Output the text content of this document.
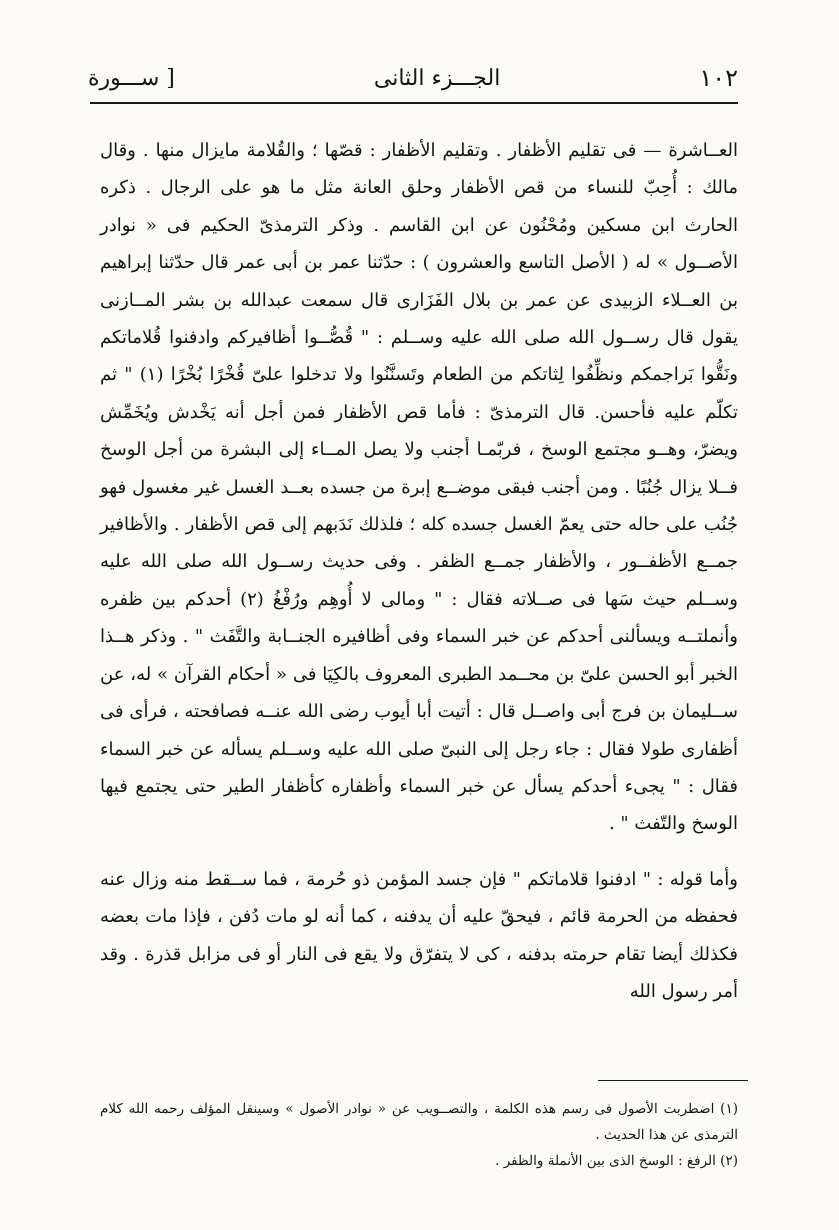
١٠٢
الجـــزء الثانى
[ ســـورة

العــاشرة — فى تقليم الأظفار . وتقليم الأظفار : قصّها ؛ والقُلامة مايزال منها . وقال مالك : أُحِبّ للنساء من قص الأظفار وحلق العانة مثل ما هو على الرجال . ذكره الحارث ابن مسكين ومُحْنُون عن ابن القاسم . وذكر الترمذىّ الحكيم فى « نوادر الأصــول » له ( الأصل التاسع والعشرون ) : حدّثنا عمر بن أبى عمر قال حدّثنا إبراهيم بن العــلاء الزبيدى عن عمر بن بلال الفَزَارى قال سمعت عبدالله بن بشر المــازنى يقول قال رســول الله صلى الله عليه وســلم : " قُصُّــوا أظافيركم وادفنوا قُلاماتكم ونَقُّوا بَراجمكم ونظِّفُوا لِثاتكم من الطعام وتَسنَّنُوا ولا تدخلوا علىّ قُخْرًا بُخْرًا (١) " ثم تكلّم عليه فأحسن. قال الترمذىّ : فأما قص الأظفار فمن أجل أنه يَخْدش ويُخَمِّش ويضرّ، وهــو مجتمع الوسخ ، فربّمـا أجنب ولا يصل المــاء إلى البشرة من أجل الوسخ فــلا يزال جُنُبًا . ومن أجنب فبقى موضــع إبرة من جسده بعــد الغسل غير مغسول فهو جُنُب على حاله حتى يعمّ الغسل جسده كله ؛ فلذلك نَدَبهم إلى قص الأظفار . والأظافير جمــع الأظفــور ، والأظفار جمــع الظفر . وفى حديث رســول الله صلى الله عليه وســلم حيث سَها فى صــلاته فقال : " ومالى لا أُوهِم ورُفْغُ (٢) أحدكم بين ظفره وأنملتــه ويسألنى أحدكم عن خبر السماء وفى أظافيره الجنــابة والتَّفَث " . وذكر هــذا الخبر أبو الحسن علىّ بن محــمد الطبرى المعروف بالكِيَا فى « أحكام القرآن » له، عن ســليمان بن فرج أبى واصــل قال : أتيت أبا أيوب رضى الله عنــه فصافحته ، فرأى فى أظفارى طولا فقال : جاء رجل إلى النبىّ صلى الله عليه وســلم يسأله عن خبر السماء فقال : " يجىء أحدكم يسأل عن خبر السماء وأظفاره كأظفار الطير حتى يجتمع فيها الوسخ والتّفث " .

وأما قوله : " ادفنوا قلاماتكم " فإن جسد المؤمن ذو حُرمة ، فما ســقط منه وزال عنه فحفظه من الحرمة قائم ، فيحقّ عليه أن يدفنه ، كما أنه لو مات دُفن ، فإذا مات بعضه فكذلك أيضا تقام حرمته بدفنه ، كى لا يتفرّق ولا يقع فى النار أو فى مزابل قذرة . وقد أمر رسول الله

(١) اضطربت الأصول فى رسم هذه الكلمة ، والتصــويب عن « نوادر الأصول » وسينقل المؤلف رحمه الله كلام الترمذى عن هذا الحديث .
(٢) الرفغ : الوسخ الذى بين الأنملة والظفر .
